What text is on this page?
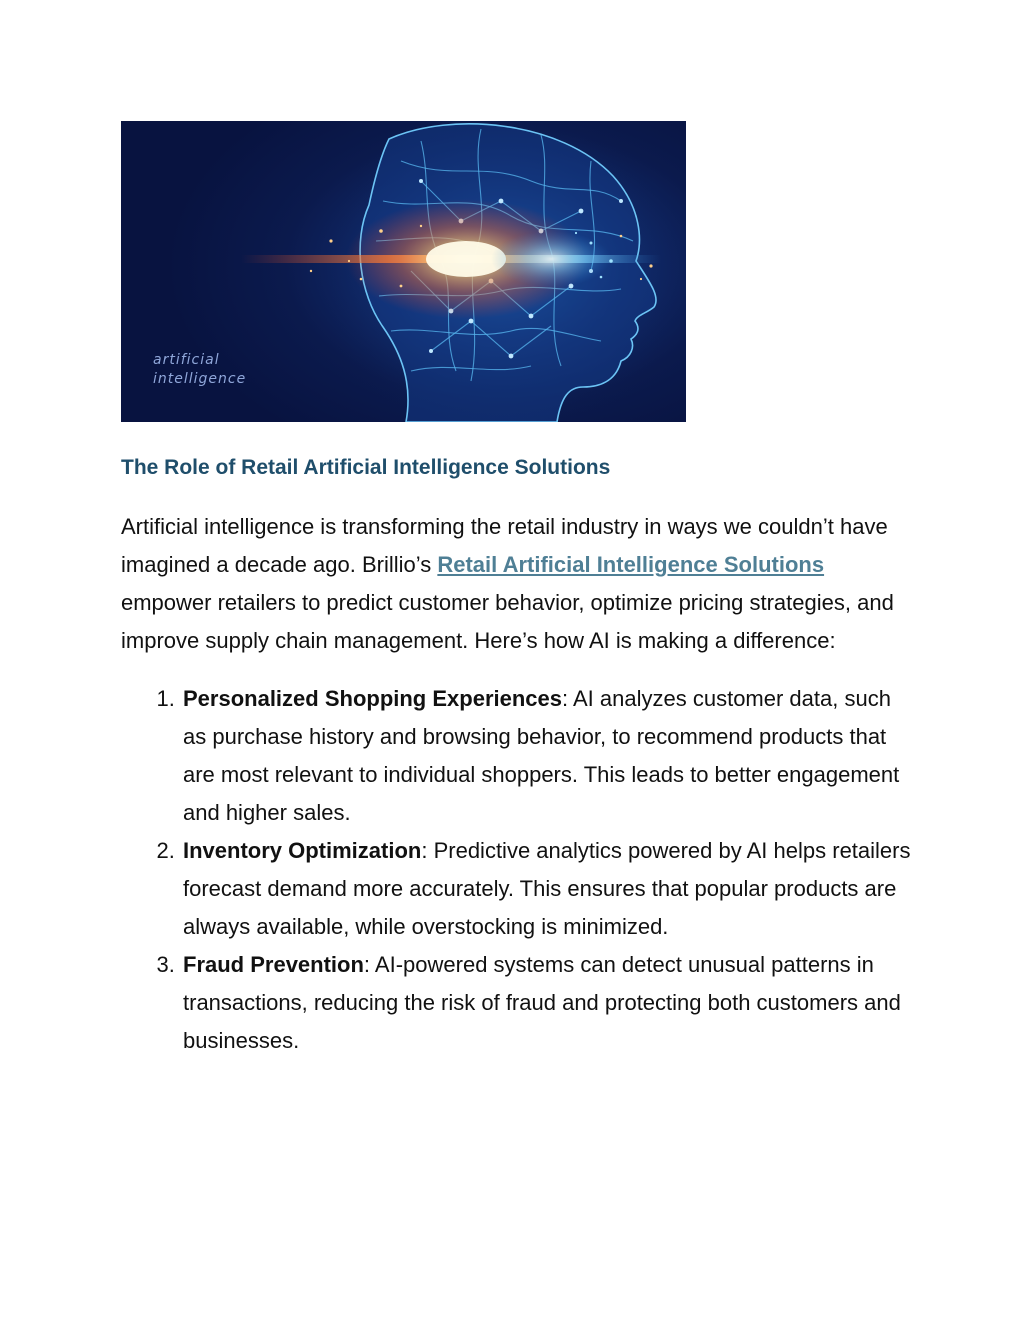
artificial
intelligence
The Role of Retail Artificial Intelligence Solutions

Artificial intelligence is transforming the retail industry in ways we couldn’t have imagined a decade ago. Brillio’s Retail Artificial Intelligence Solutions empower retailers to predict customer behavior, optimize pricing strategies, and improve supply chain management. Here’s how AI is making a difference:

1. Personalized Shopping Experiences: AI analyzes customer data, such as purchase history and browsing behavior, to recommend products that are most relevant to individual shoppers. This leads to better engagement and higher sales.
2. Inventory Optimization: Predictive analytics powered by AI helps retailers forecast demand more accurately. This ensures that popular products are always available, while overstocking is minimized.
3. Fraud Prevention: AI-powered systems can detect unusual patterns in transactions, reducing the risk of fraud and protecting both customers and businesses.
